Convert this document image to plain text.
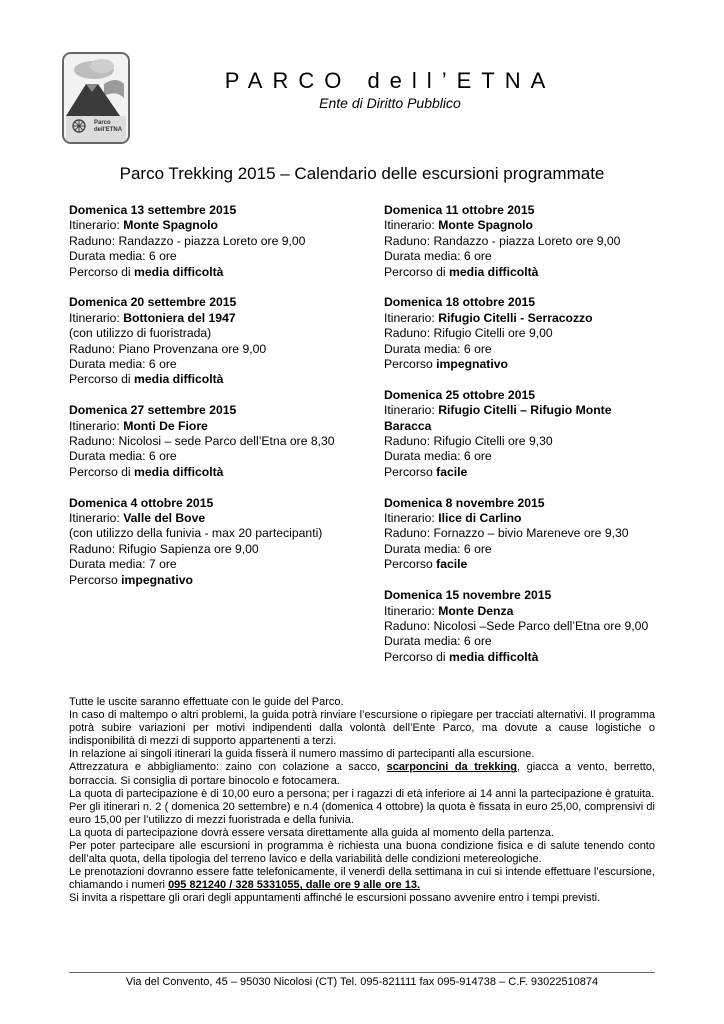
Parco
dell'ETNA
PARCO dell’ETNA
Ente di Diritto Pubblico
Parco Trekking 2015 – Calendario delle escursioni programmate
Domenica 13 settembre 2015
Itinerario: Monte Spagnolo
Raduno: Randazzo - piazza Loreto ore 9,00
Durata media: 6 ore
Percorso di media difficoltà
Domenica 20 settembre 2015
Itinerario: Bottoniera del 1947
(con utilizzo di fuoristrada)
Raduno: Piano Provenzana ore 9,00
Durata media: 6 ore
Percorso di media difficoltà
Domenica 27 settembre 2015
Itinerario: Monti De Fiore
Raduno: Nicolosi – sede Parco dell’Etna ore 8,30
Durata media: 6 ore
Percorso di media difficoltà
Domenica 4 ottobre 2015
Itinerario: Valle del Bove
(con utilizzo della funivia - max 20 partecipanti)
Raduno: Rifugio Sapienza ore 9,00
Durata media: 7 ore
Percorso impegnativo
Domenica 11 ottobre 2015
Itinerario: Monte Spagnolo
Raduno: Randazzo - piazza Loreto ore 9,00
Durata media: 6 ore
Percorso di media difficoltà
Domenica 18 ottobre 2015
Itinerario: Rifugio Citelli - Serracozzo
Raduno: Rifugio Citelli ore 9,00
Durata media: 6 ore
Percorso impegnativo
Domenica 25 ottobre 2015
Itinerario: Rifugio Citelli – Rifugio Monte Baracca
Raduno: Rifugio Citelli ore 9,30
Durata media: 6 ore
Percorso facile
Domenica 8 novembre 2015
Itinerario: Ilice di Carlino
Raduno: Fornazzo – bivio Mareneve ore 9,30
Durata media: 6 ore
Percorso facile
Domenica 15 novembre 2015
Itinerario: Monte Denza
Raduno: Nicolosi –Sede Parco dell’Etna ore 9,00
Durata media: 6 ore
Percorso di media difficoltà

Tutte le uscite saranno effettuate con le guide del Parco.

In caso di maltempo o altri problemi, la guida potrà rinviare l’escursione o ripiegare per tracciati alternativi. Il programma potrà subire variazioni per motivi indipendenti dalla volontà dell’Ente Parco, ma dovute a cause logistiche o indisponibilità di mezzi di supporto appartenenti a terzi.

In relazione ai singoli itinerari la guida fisserà il numero massimo di partecipanti alla escursione.

Attrezzatura e abbigliamento: zaino con colazione a sacco, scarponcini da trekking, giacca a vento, berretto, borraccia. Si consiglia di portare binocolo e fotocamera.

La quota di partecipazione è di 10,00 euro a persona; per i ragazzi di età inferiore ai 14 anni la partecipazione è gratuita.

Per gli itinerari n. 2 ( domenica 20 settembre) e n.4 (domenica 4 ottobre) la quota è fissata in euro 25,00, comprensivi di euro 15,00 per l’utilizzo di mezzi fuoristrada e della funivia.

La quota di partecipazione dovrà essere versata direttamente alla guida al momento della partenza.

Per poter partecipare alle escursioni in programma è richiesta una buona condizione fisica e di salute tenendo conto dell’alta quota, della tipologia del terreno lavico e della variabilità delle condizioni metereologiche.

Le prenotazioni dovranno essere fatte telefonicamente, il venerdì della settimana in cui si intende effettuare l’escursione, chiamando i numeri 095 821240 / 328 5331055, dalle ore 9 alle ore 13.

Si invita a rispettare gli orari degli appuntamenti affinché le escursioni possano avvenire entro i tempi previsti.

Via del Convento, 45 – 95030 Nicolosi (CT) Tel. 095-821111 fax 095-914738 – C.F. 93022510874
